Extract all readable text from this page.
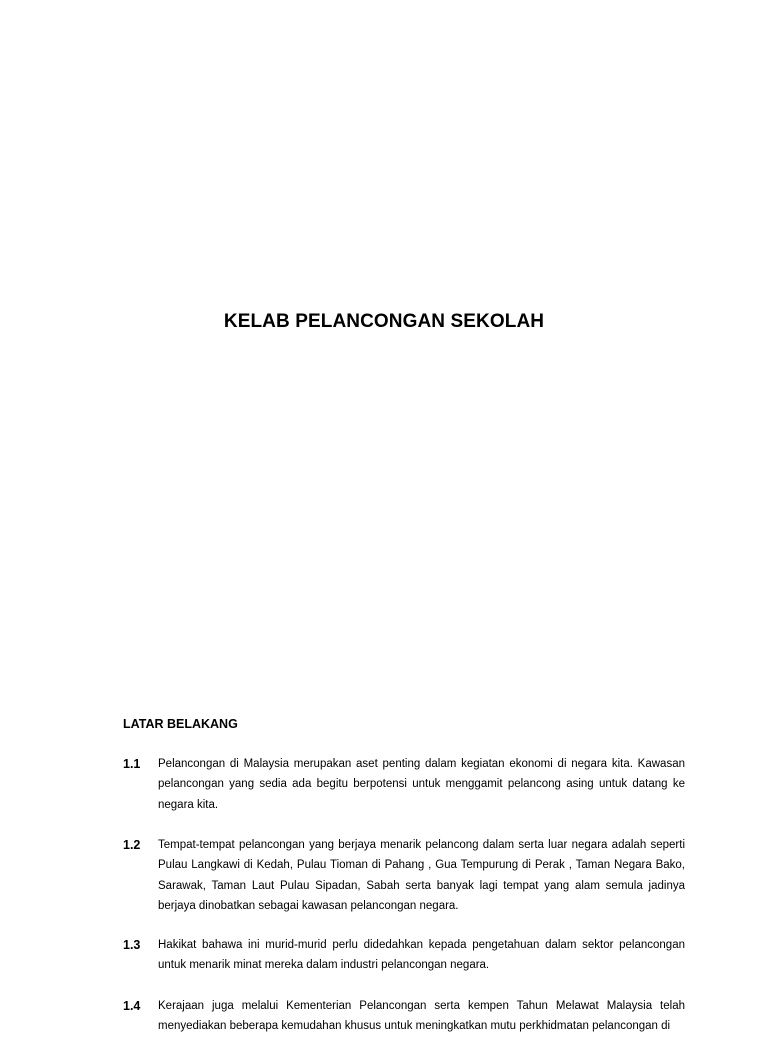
KELAB PELANCONGAN SEKOLAH
LATAR BELAKANG
1.1 Pelancongan di Malaysia merupakan aset penting dalam kegiatan ekonomi di negara kita. Kawasan pelancongan yang sedia ada begitu berpotensi untuk menggamit pelancong asing untuk datang ke negara kita.
1.2 Tempat-tempat pelancongan yang berjaya menarik pelancong dalam serta luar negara adalah seperti Pulau Langkawi di Kedah, Pulau Tioman di Pahang , Gua Tempurung di Perak , Taman Negara Bako, Sarawak, Taman Laut Pulau Sipadan, Sabah serta banyak lagi tempat yang alam semula jadinya berjaya dinobatkan sebagai kawasan pelancongan negara.
1.3 Hakikat bahawa ini murid-murid perlu didedahkan kepada pengetahuan dalam sektor pelancongan untuk menarik minat mereka dalam industri pelancongan negara.
1.4 Kerajaan juga melalui Kementerian Pelancongan serta kempen Tahun Melawat Malaysia telah menyediakan beberapa kemudahan khusus untuk meningkatkan mutu perkhidmatan pelancongan di
